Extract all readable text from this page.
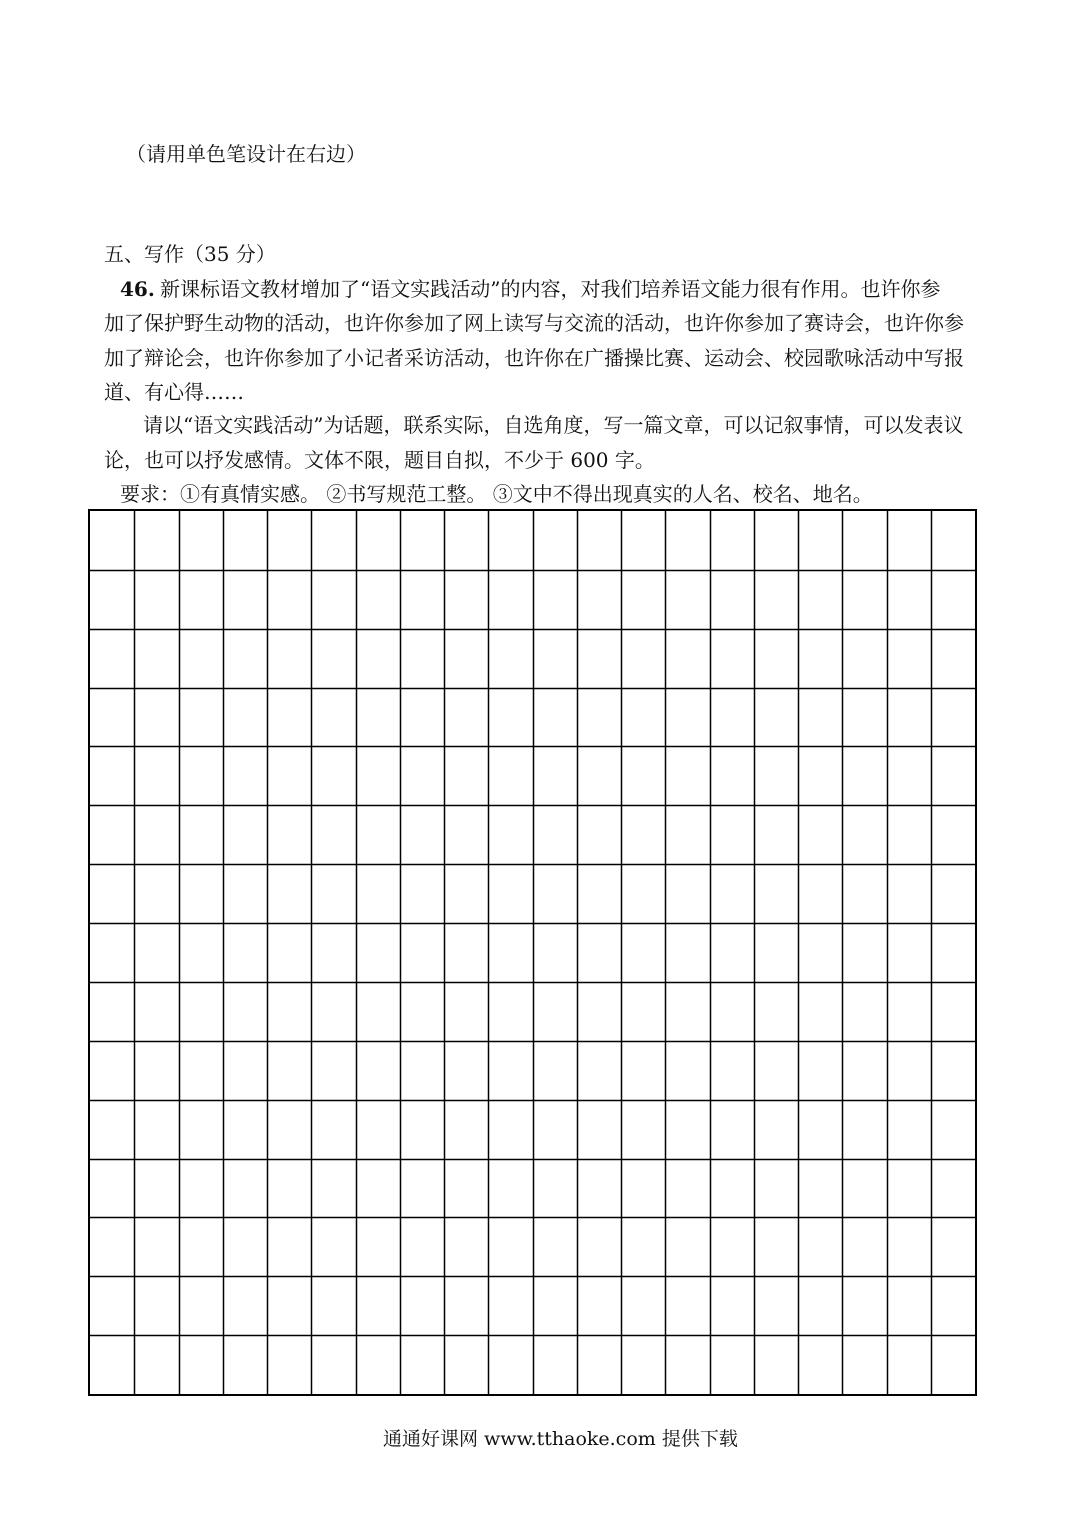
（请用单色笔设计在右边）
五、写作（35 分）
46. 新课标语文教材增加了“语文实践活动”的内容，对我们培养语文能力很有作用。也许你参
加了保护野生动物的活动，也许你参加了网上读写与交流的活动，也许你参加了赛诗会，也许你参
加了辩论会，也许你参加了小记者采访活动，也许你在广播操比赛、运动会、校园歌咏活动中写报
道、有心得……
请以“语文实践活动”为话题，联系实际，自选角度，写一篇文章，可以记叙事情，可以发表议
论，也可以抒发感情。文体不限，题目自拟，不少于 600 字。
要求：①有真情实感。 ②书写规范工整。 ③文中不得出现真实的人名、校名、地名。
通通好课网 www.tthaoke.com 提供下载
